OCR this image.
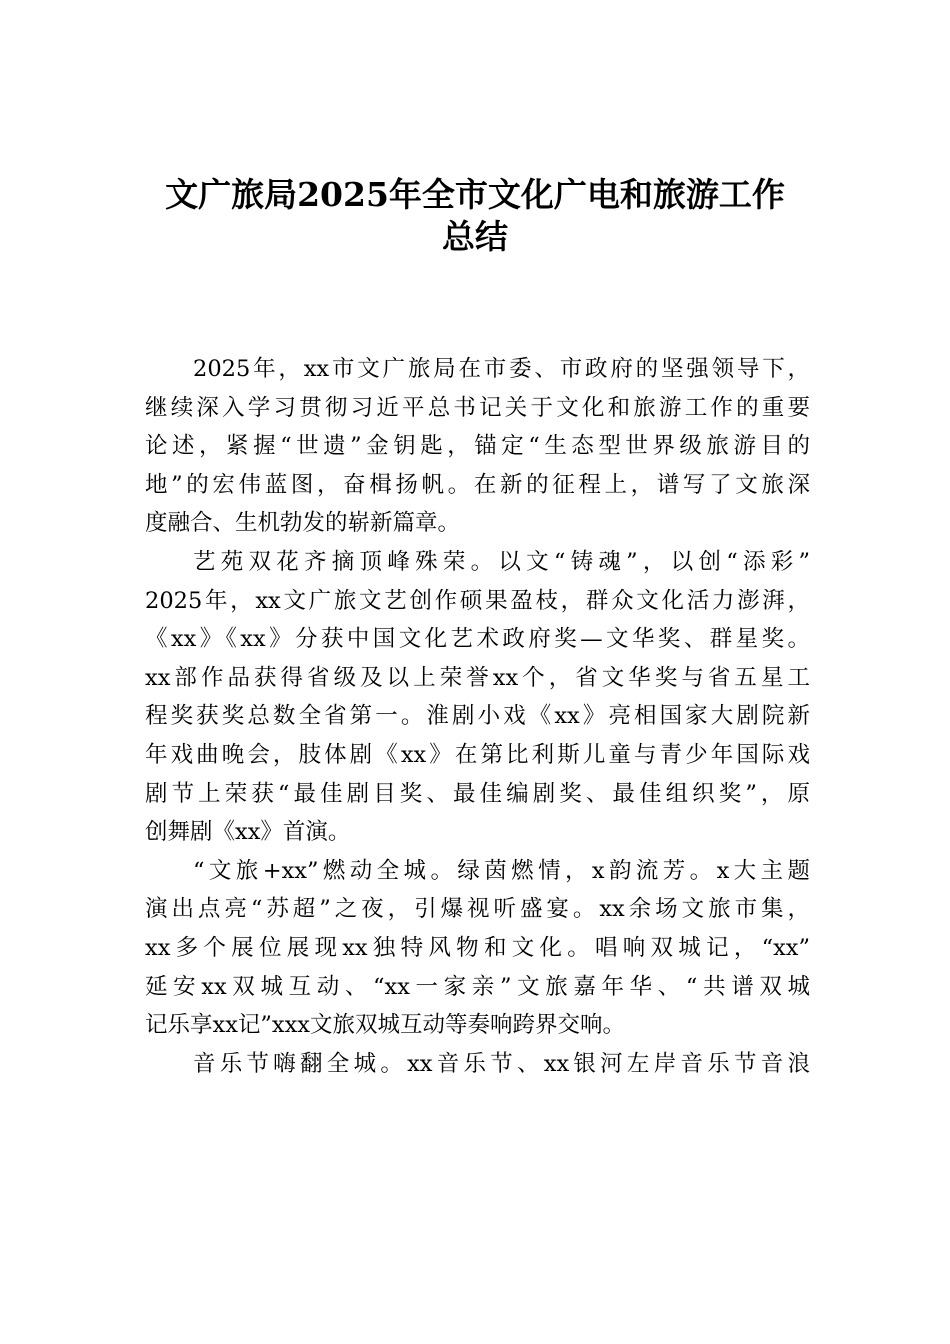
文广旅局2025年全市文化广电和旅游工作
总结
2025年，xx市文广旅局在市委、市政府的坚强领导下，
继续深入学习贯彻习近平总书记关于文化和旅游工作的重要
论述，紧握“世遗”金钥匙，锚定“生态型世界级旅游目的
地”的宏伟蓝图，奋楫扬帆。在新的征程上，谱写了文旅深
度融合、生机勃发的崭新篇章。
艺苑双花齐摘顶峰殊荣。以文“铸魂”，以创“添彩”
2025年，xx文广旅文艺创作硕果盈枝，群众文化活力澎湃，
《xx》《xx》分获中国文化艺术政府奖—文华奖、群星奖。
xx部作品获得省级及以上荣誉xx个，省文华奖与省五星工
程奖获奖总数全省第一。淮剧小戏《xx》亮相国家大剧院新
年戏曲晚会，肢体剧《xx》在第比利斯儿童与青少年国际戏
剧节上荣获“最佳剧目奖、最佳编剧奖、最佳组织奖”，原
创舞剧《xx》首演。
“文旅+xx”燃动全城。绿茵燃情，x韵流芳。x大主题
演出点亮“苏超”之夜，引爆视听盛宴。xx余场文旅市集，
xx多个展位展现xx独特风物和文化。唱响双城记，“xx”
延安xx双城互动、“xx一家亲”文旅嘉年华、“共谱双城
记乐享xx记”xxx文旅双城互动等奏响跨界交响。
音乐节嗨翻全城。xx音乐节、xx银河左岸音乐节音浪
